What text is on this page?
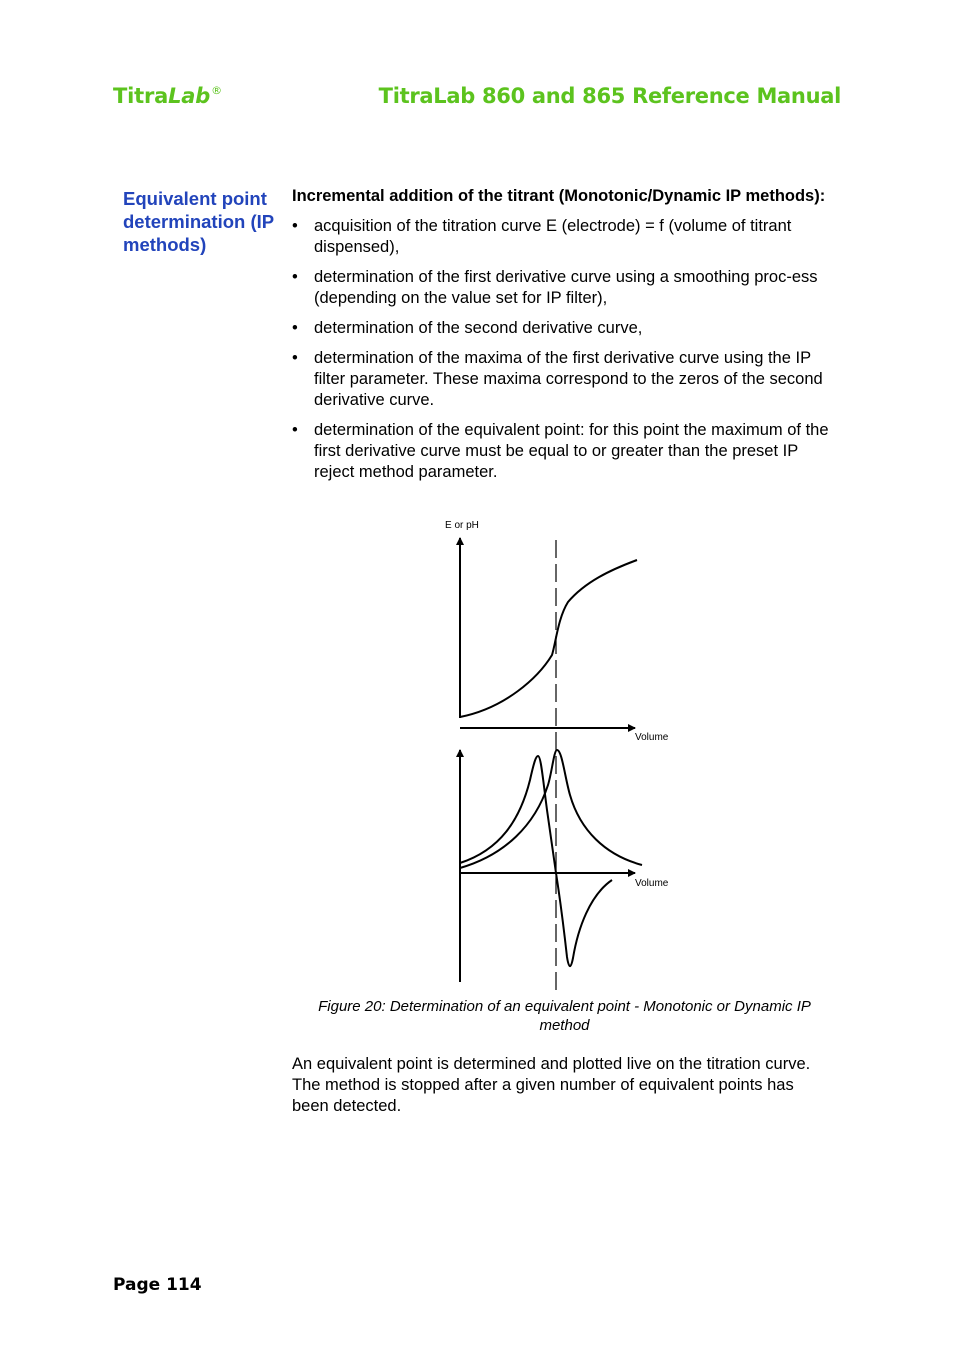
TitraLab®	TitraLab 860 and 865 Reference Manual
Equivalent point determination (IP methods)
Incremental addition of the titrant (Monotonic/Dynamic IP methods):
• acquisition of the titration curve E (electrode) = f (volume of titrant dispensed),
• determination of the first derivative curve using a smoothing proc-ess (depending on the value set for IP filter),
• determination of the second derivative curve,
• determination of the maxima of the first derivative curve using the IP filter parameter. These maxima correspond to the zeros of the second derivative curve.
• determination of the equivalent point: for this point the maximum of the first derivative curve must be equal to or greater than the preset IP reject method parameter.
E or pH
Volume
Volume
Figure 20: Determination of an equivalent point - Monotonic or Dynamic IP method
An equivalent point is determined and plotted live on the titration curve. The method is stopped after a given number of equivalent points has been detected.
Page 114
